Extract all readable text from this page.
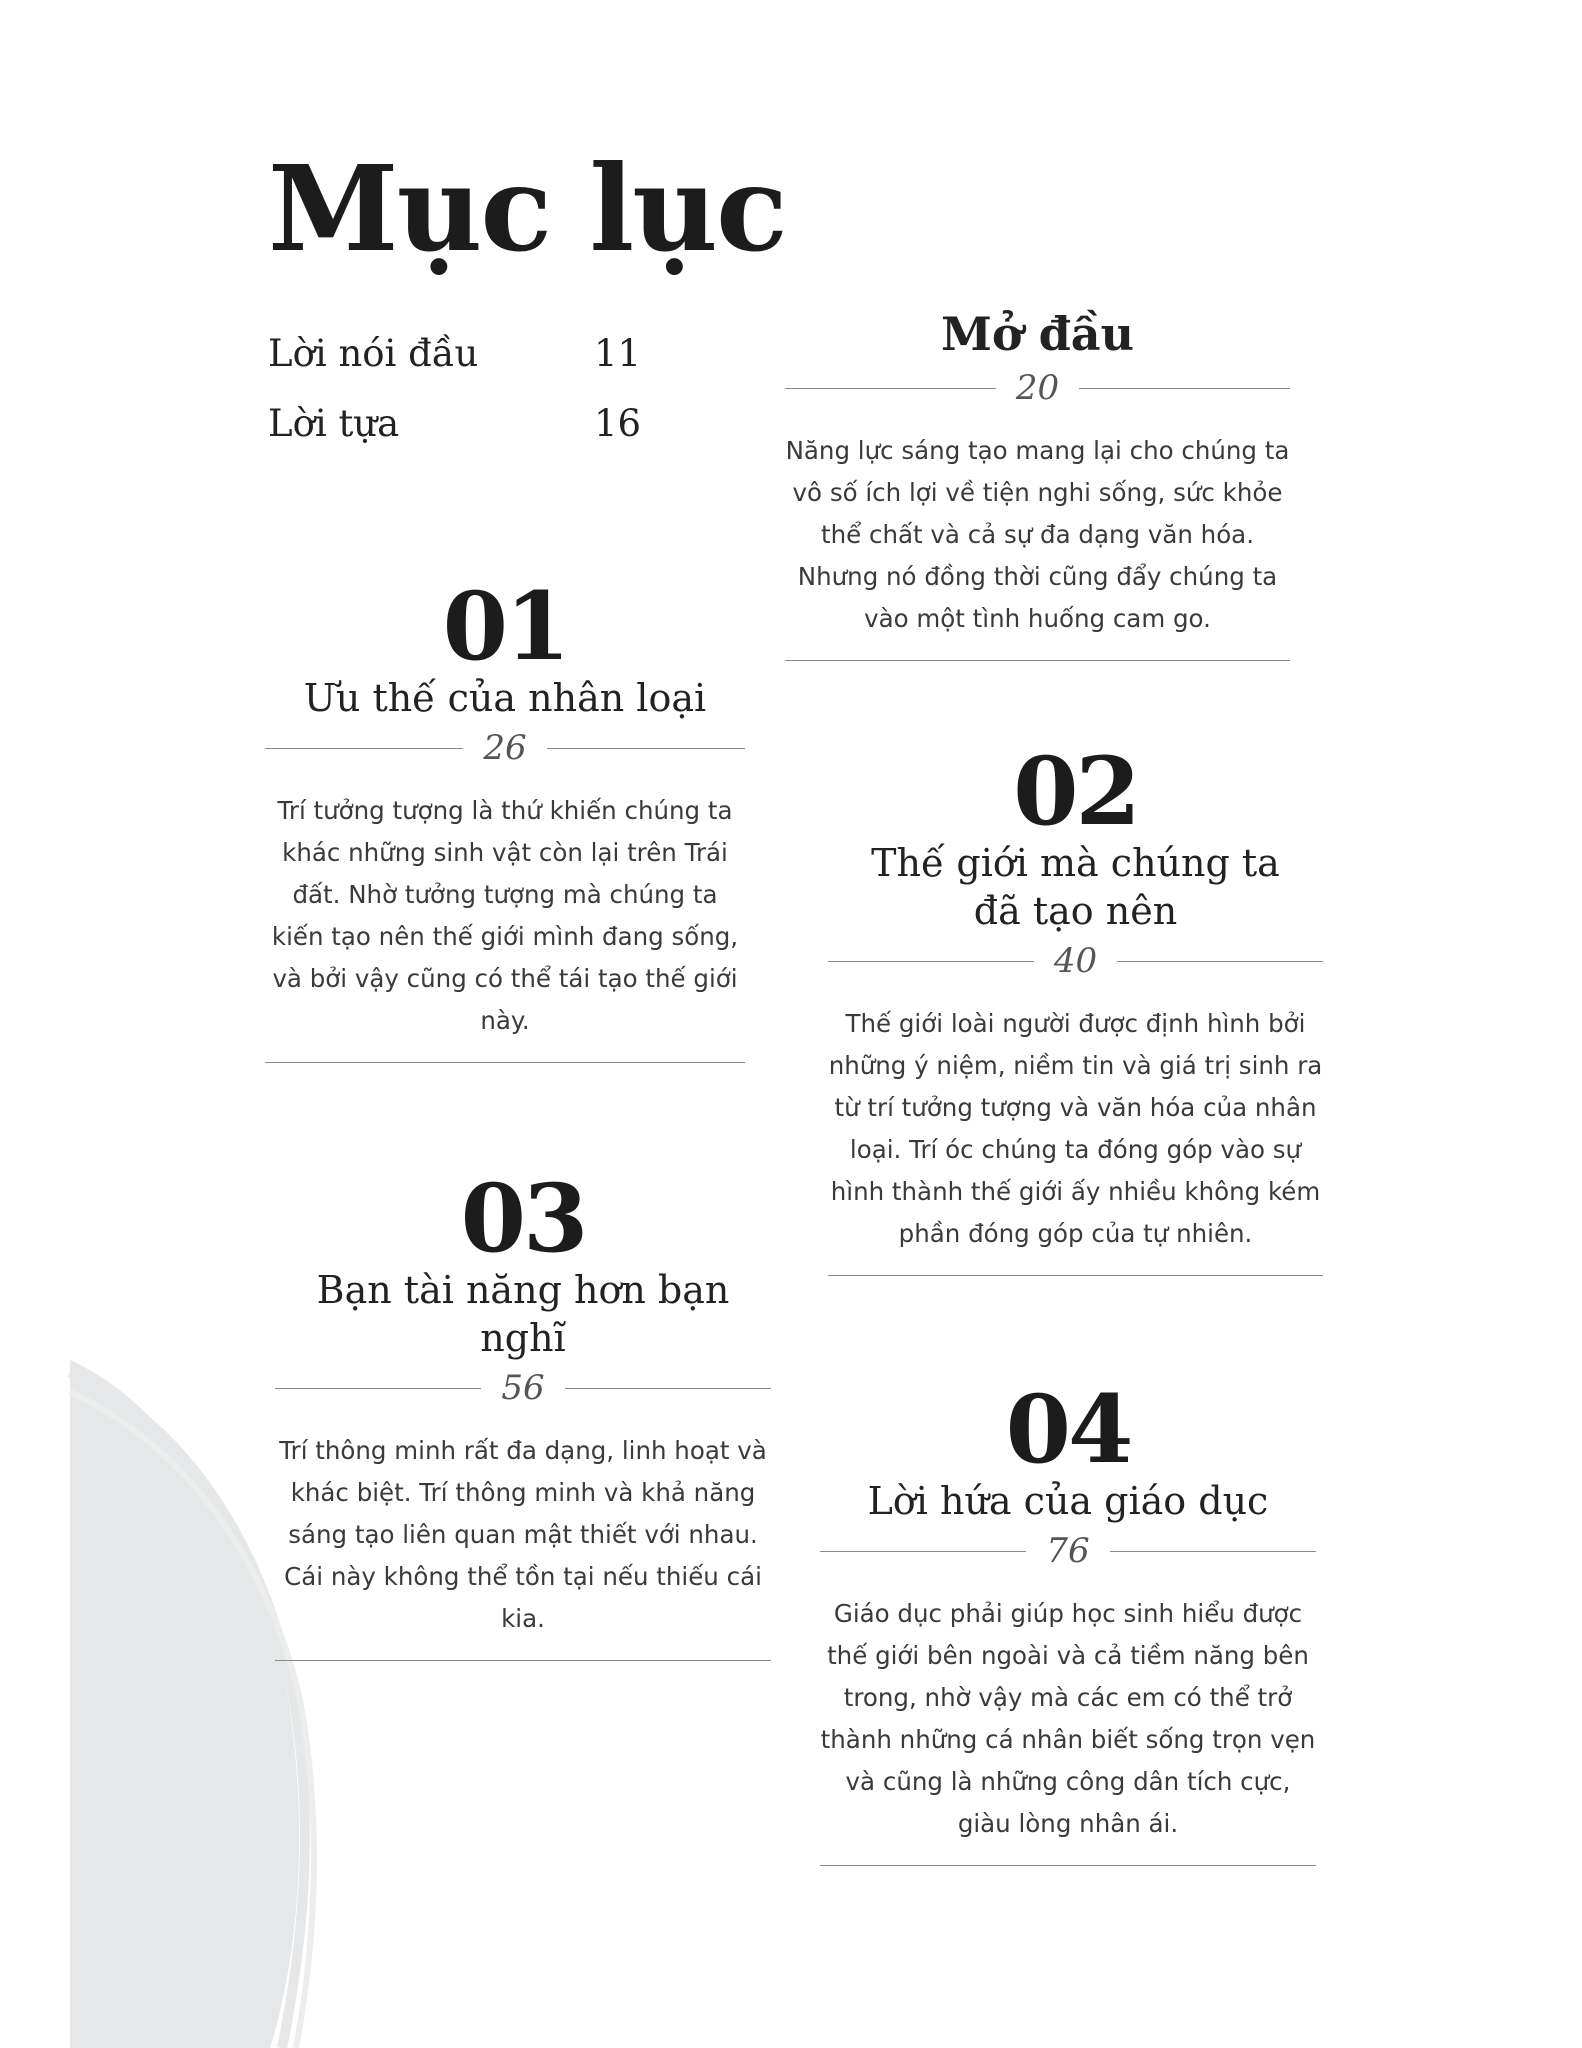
Mục lục
Lời nói đầu	11
Lời tựa	16
Mở đầu
20

Năng lực sáng tạo mang lại cho chúng ta vô số ích lợi về tiện nghi sống, sức khỏe thể chất và cả sự đa dạng văn hóa. Nhưng nó đồng thời cũng đẩy chúng ta vào một tình huống cam go.

01
Ưu thế của nhân loại
26

Trí tưởng tượng là thứ khiến chúng ta khác những sinh vật còn lại trên Trái đất. Nhờ tưởng tượng mà chúng ta kiến tạo nên thế giới mình đang sống, và bởi vậy cũng có thể tái tạo thế giới này.

02
Thế giới mà chúng ta
đã tạo nên
40

Thế giới loài người được định hình bởi những ý niệm, niềm tin và giá trị sinh ra từ trí tưởng tượng và văn hóa của nhân loại. Trí óc chúng ta đóng góp vào sự hình thành thế giới ấy nhiều không kém phần đóng góp của tự nhiên.

03
Bạn tài năng hơn bạn nghĩ
56

Trí thông minh rất đa dạng, linh hoạt và khác biệt. Trí thông minh và khả năng sáng tạo liên quan mật thiết với nhau. Cái này không thể tồn tại nếu thiếu cái kia.

04
Lời hứa của giáo dục
76

Giáo dục phải giúp học sinh hiểu được thế giới bên ngoài và cả tiềm năng bên trong, nhờ vậy mà các em có thể trở thành những cá nhân biết sống trọn vẹn và cũng là những công dân tích cực, giàu lòng nhân ái.
